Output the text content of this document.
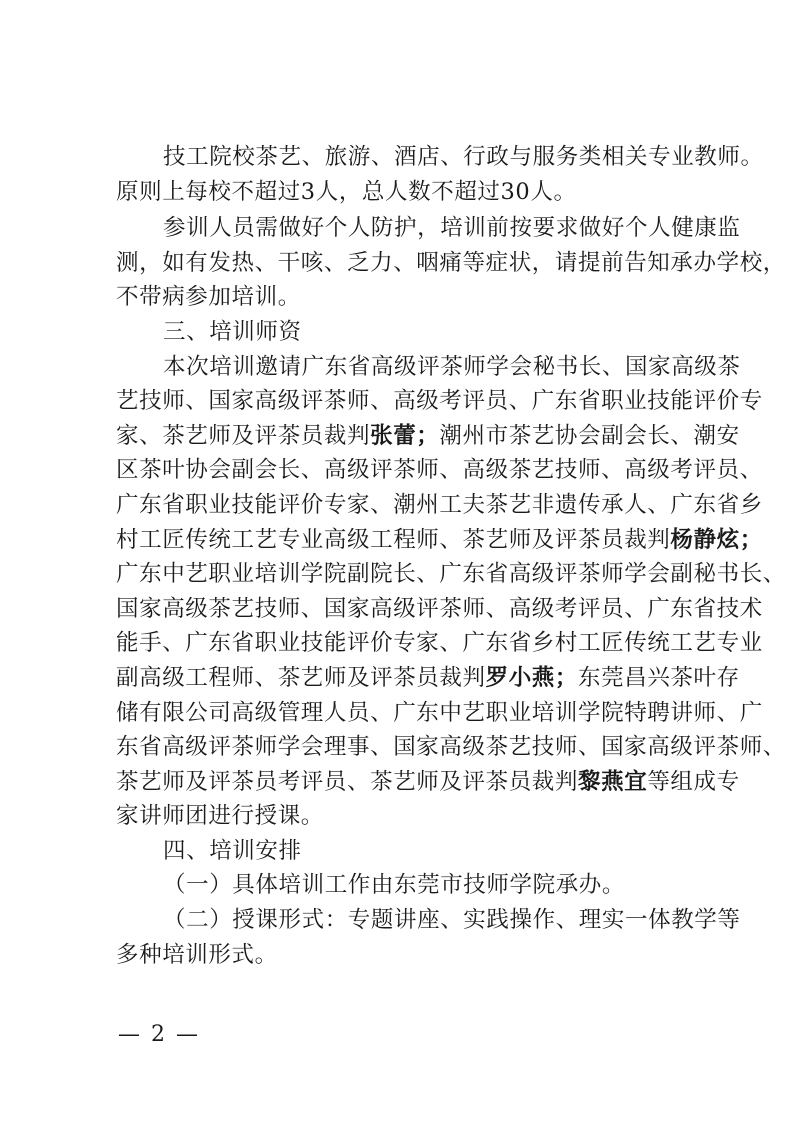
技工院校茶艺、旅游、酒店、行政与服务类相关专业教师。
原则上每校不超过3人，总人数不超过30人。
参训人员需做好个人防护，培训前按要求做好个人健康监
测，如有发热、干咳、乏力、咽痛等症状，请提前告知承办学校，
不带病参加培训。
三、培训师资
本次培训邀请广东省高级评茶师学会秘书长、国家高级茶
艺技师、国家高级评茶师、高级考评员、广东省职业技能评价专
家、茶艺师及评茶员裁判张蕾；潮州市茶艺协会副会长、潮安
区茶叶协会副会长、高级评茶师、高级茶艺技师、高级考评员、
广东省职业技能评价专家、潮州工夫茶艺非遗传承人、广东省乡
村工匠传统工艺专业高级工程师、茶艺师及评茶员裁判杨静炫；
广东中艺职业培训学院副院长、广东省高级评茶师学会副秘书长、
国家高级茶艺技师、国家高级评茶师、高级考评员、广东省技术
能手、广东省职业技能评价专家、广东省乡村工匠传统工艺专业
副高级工程师、茶艺师及评茶员裁判罗小燕；东莞昌兴茶叶存
储有限公司高级管理人员、广东中艺职业培训学院特聘讲师、广
东省高级评茶师学会理事、国家高级茶艺技师、国家高级评茶师、
茶艺师及评茶员考评员、茶艺师及评茶员裁判黎燕宜等组成专
家讲师团进行授课。
四、培训安排
（一）具体培训工作由东莞市技师学院承办。
（二）授课形式：专题讲座、实践操作、理实一体教学等
多种培训形式。
— 2 —
